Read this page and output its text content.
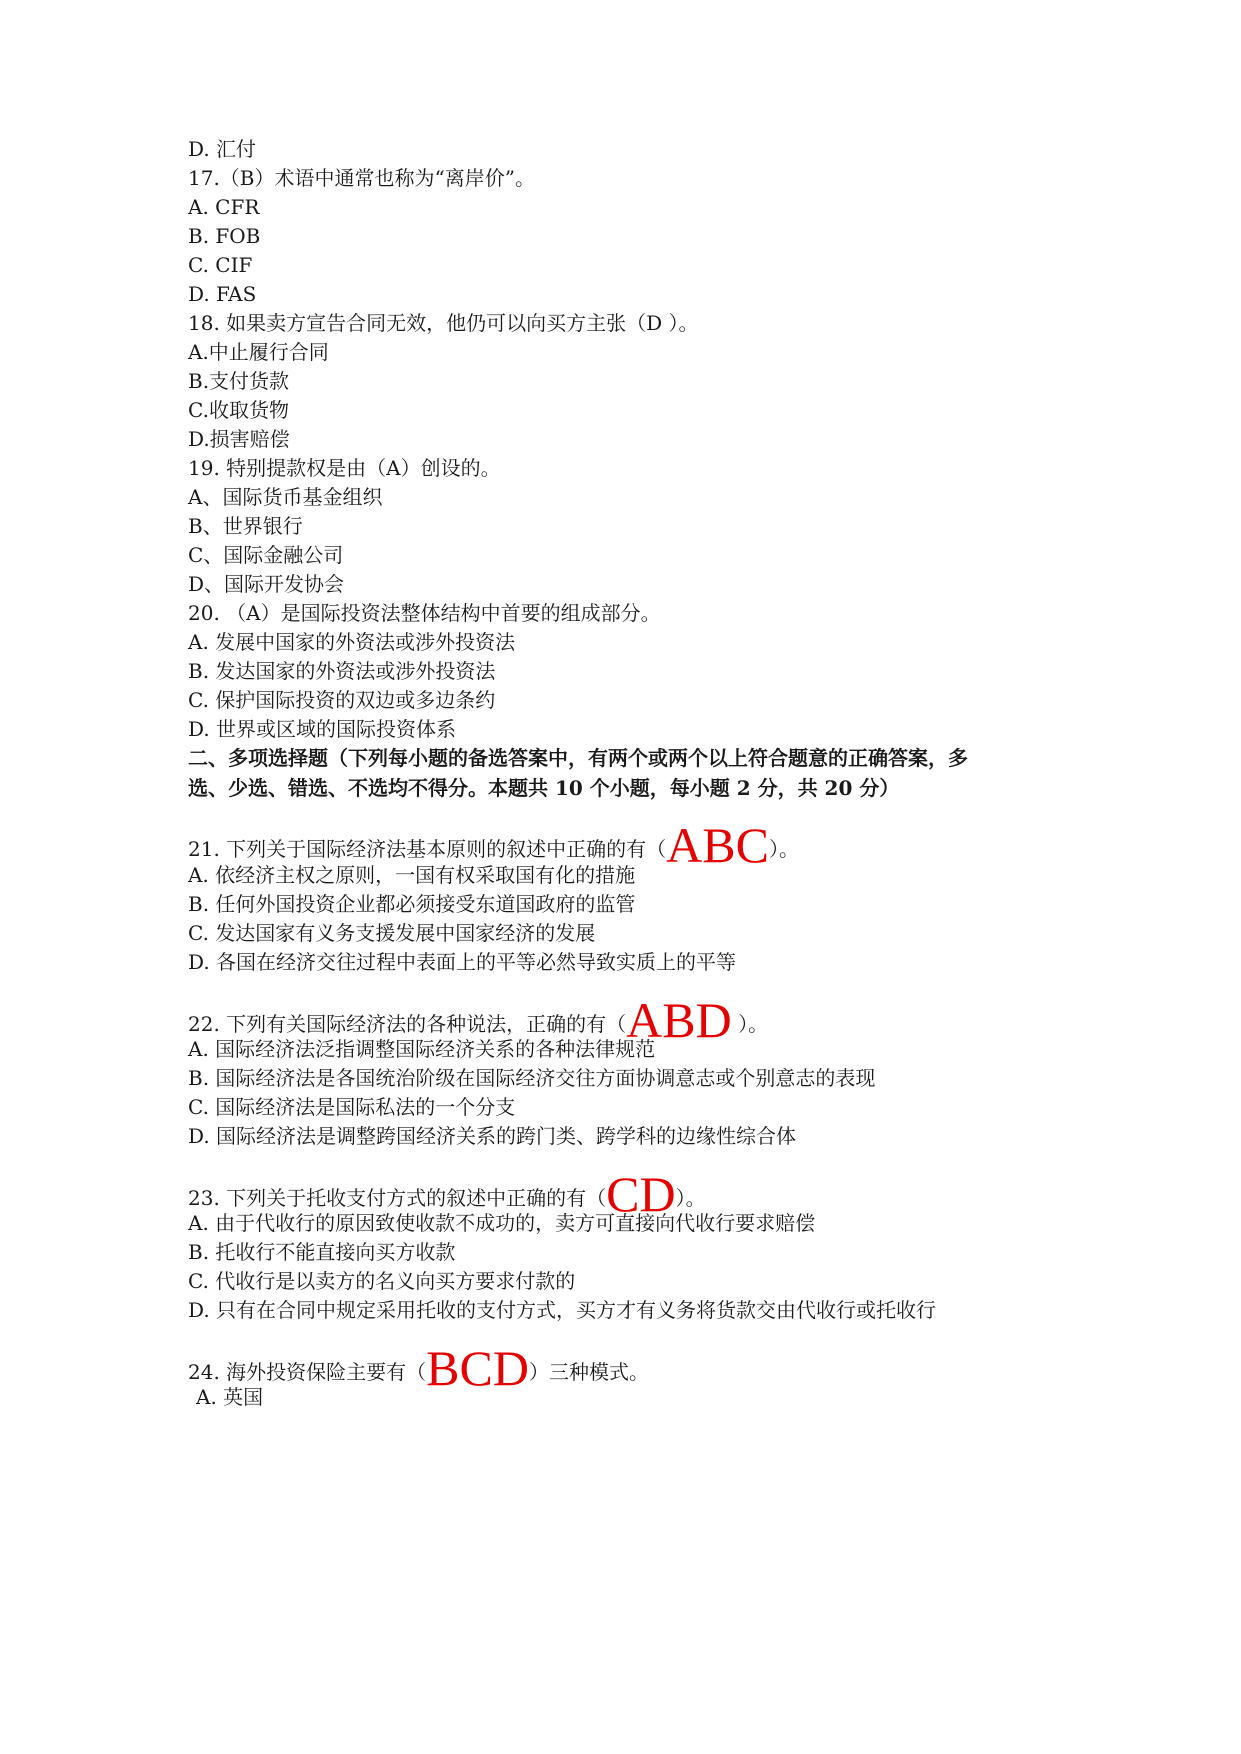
D. 汇付
17.（B）术语中通常也称为“离岸价”。
A. CFR
B. FOB
C. CIF
D. FAS
18. 如果卖方宣告合同无效，他仍可以向买方主张（D ）。
A.中止履行合同
B.支付货款
C.收取货物
D.损害赔偿
19. 特别提款权是由（A）创设的。
A、国际货币基金组织
B、世界银行
C、国际金融公司
D、国际开发协会
20. （A）是国际投资法整体结构中首要的组成部分。
A. 发展中国家的外资法或涉外投资法
B. 发达国家的外资法或涉外投资法
C. 保护国际投资的双边或多边条约
D. 世界或区域的国际投资体系
二、多项选择题（下列每小题的备选答案中，有两个或两个以上符合题意的正确答案，多
选、少选、错选、不选均不得分。本题共 10 个小题，每小题 2 分，共 20 分）
21. 下列关于国际经济法基本原则的叙述中正确的有（ABC）。
A. 依经济主权之原则，一国有权采取国有化的措施
B. 任何外国投资企业都必须接受东道国政府的监管
C. 发达国家有义务支援发展中国家经济的发展
D. 各国在经济交往过程中表面上的平等必然导致实质上的平等
22. 下列有关国际经济法的各种说法，正确的有（ABD ）。
A. 国际经济法泛指调整国际经济关系的各种法律规范
B. 国际经济法是各国统治阶级在国际经济交往方面协调意志或个别意志的表现
C. 国际经济法是国际私法的一个分支
D. 国际经济法是调整跨国经济关系的跨门类、跨学科的边缘性综合体
23. 下列关于托收支付方式的叙述中正确的有（CD）。
A. 由于代收行的原因致使收款不成功的，卖方可直接向代收行要求赔偿
B. 托收行不能直接向买方收款
C. 代收行是以卖方的名义向买方要求付款的
D. 只有在合同中规定采用托收的支付方式，买方才有义务将货款交由代收行或托收行
24. 海外投资保险主要有（BCD）三种模式。
A. 英国
